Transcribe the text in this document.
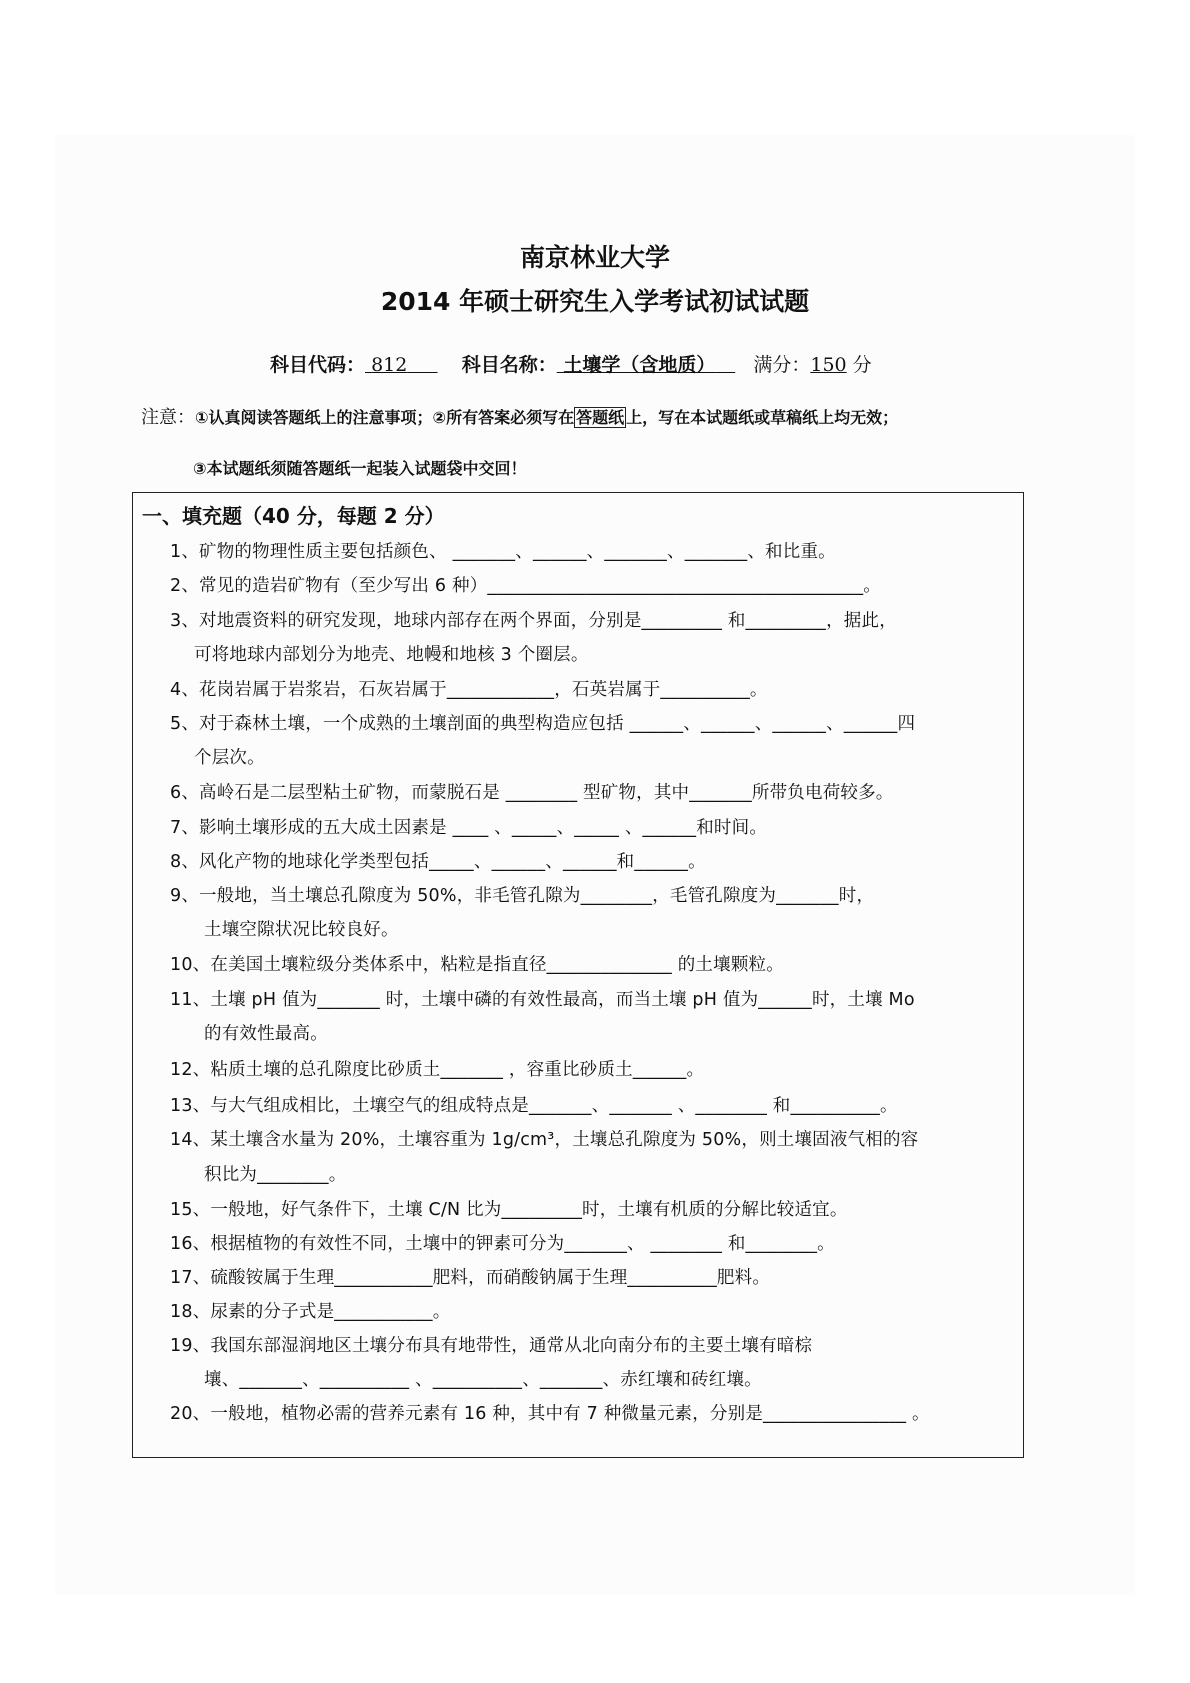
南京林业大学
2014 年硕士研究生入学考试初试试题
科目代码： 812	科目名称： 土壤学（含地质） 满分：150 分
注意：①认真阅读答题纸上的注意事项；②所有答案必须写在 答题纸 上，写在本试题纸或草稿纸上均无效；
③本试题纸须随答题纸一起装入试题袋中交回！
一、填充题（40 分，每题 2 分）
1、矿物的物理性质主要包括颜色、 _______、______、_______、_______、和比重。
2、常见的造岩矿物有（至少写出 6 种）__________________________________________。
3、对地震资料的研究发现，地球内部存在两个界面，分别是_________ 和_________，据此，
可将地球内部划分为地壳、地幔和地核 3 个圈层。
4、花岗岩属于岩浆岩，石灰岩属于____________，石英岩属于__________。
5、对于森林土壤，一个成熟的土壤剖面的典型构造应包括 ______、______、______、______四
个层次。
6、高岭石是二层型粘土矿物，而蒙脱石是 ________ 型矿物，其中_______所带负电荷较多。
7、影响土壤形成的五大成土因素是 ____ 、_____、_____ 、______和时间。
8、风化产物的地球化学类型包括_____、______、______和______。
9、一般地，当土壤总孔隙度为 50%，非毛管孔隙为________，毛管孔隙度为_______时，
土壤空隙状况比较良好。
10、在美国土壤粒级分类体系中，粘粒是指直径______________ 的土壤颗粒。
11、土壤 pH 值为_______ 时，土壤中磷的有效性最高，而当土壤 pH 值为______时，土壤 Mo
的有效性最高。
12、粘质土壤的总孔隙度比砂质土_______ ，容重比砂质土______。
13、与大气组成相比，土壤空气的组成特点是_______、_______ 、________ 和__________。
14、某土壤含水量为 20%，土壤容重为 1g/cm³，土壤总孔隙度为 50%，则土壤固液气相的容
积比为________。
15、一般地，好气条件下，土壤 C/N 比为_________时，土壤有机质的分解比较适宜。
16、根据植物的有效性不同，土壤中的钾素可分为_______、 ________ 和________。
17、硫酸铵属于生理___________肥料，而硝酸钠属于生理__________肥料。
18、尿素的分子式是___________。
19、我国东部湿润地区土壤分布具有地带性，通常从北向南分布的主要土壤有暗棕
壤、_______、__________ 、__________、_______、赤红壤和砖红壤。
20、一般地，植物必需的营养元素有 16 种，其中有 7 种微量元素，分别是________________ 。
